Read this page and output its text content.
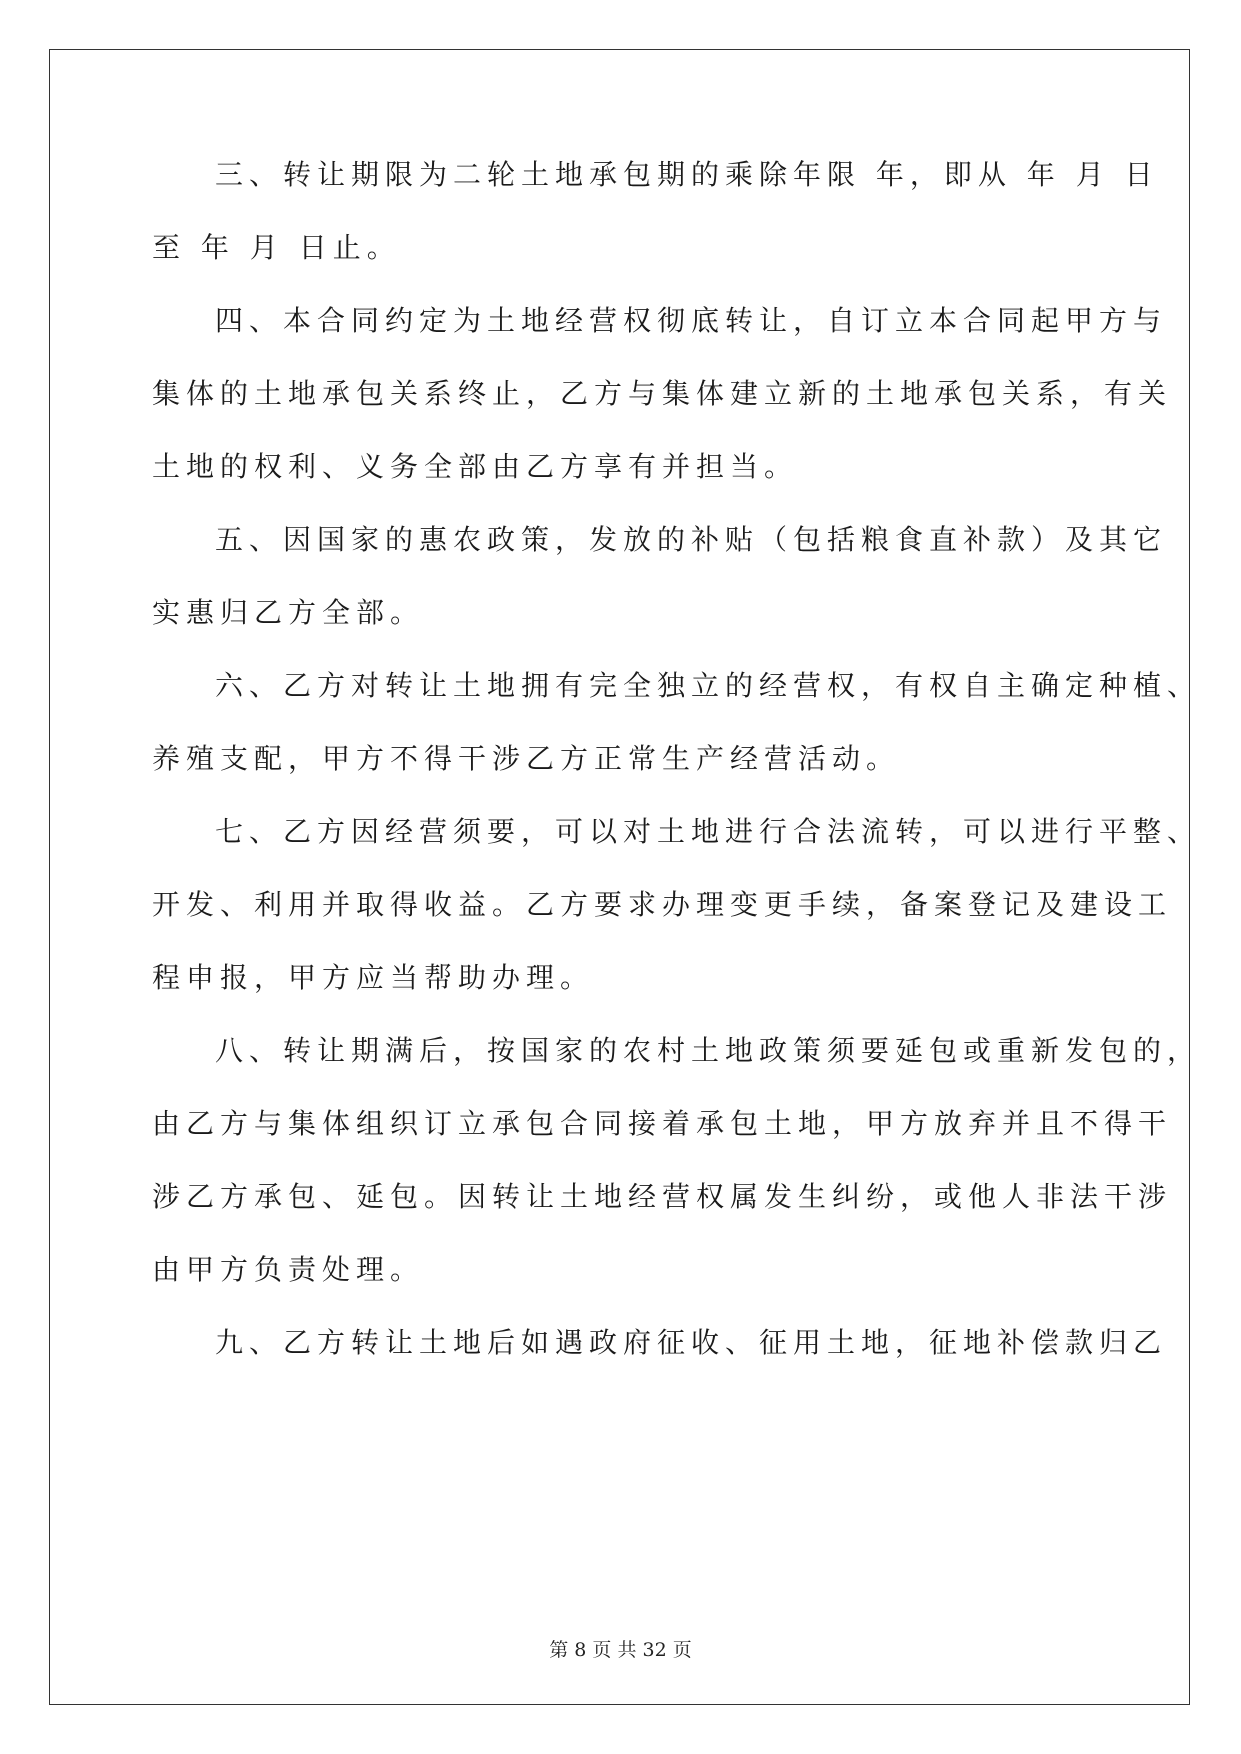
三、转让期限为二轮土地承包期的乘除年限 年，即从 年 月 日
至 年 月 日止。
四、本合同约定为土地经营权彻底转让，自订立本合同起甲方与
集体的土地承包关系终止，乙方与集体建立新的土地承包关系，有关
土地的权利、义务全部由乙方享有并担当。
五、因国家的惠农政策，发放的补贴（包括粮食直补款）及其它
实惠归乙方全部。
六、乙方对转让土地拥有完全独立的经营权，有权自主确定种植、
养殖支配，甲方不得干涉乙方正常生产经营活动。
七、乙方因经营须要，可以对土地进行合法流转，可以进行平整、
开发、利用并取得收益。乙方要求办理变更手续，备案登记及建设工
程申报，甲方应当帮助办理。
八、转让期满后，按国家的农村土地政策须要延包或重新发包的，
由乙方与集体组织订立承包合同接着承包土地，甲方放弃并且不得干
涉乙方承包、延包。因转让土地经营权属发生纠纷，或他人非法干涉
由甲方负责处理。
九、乙方转让土地后如遇政府征收、征用土地，征地补偿款归乙
第 8 页 共 32 页
